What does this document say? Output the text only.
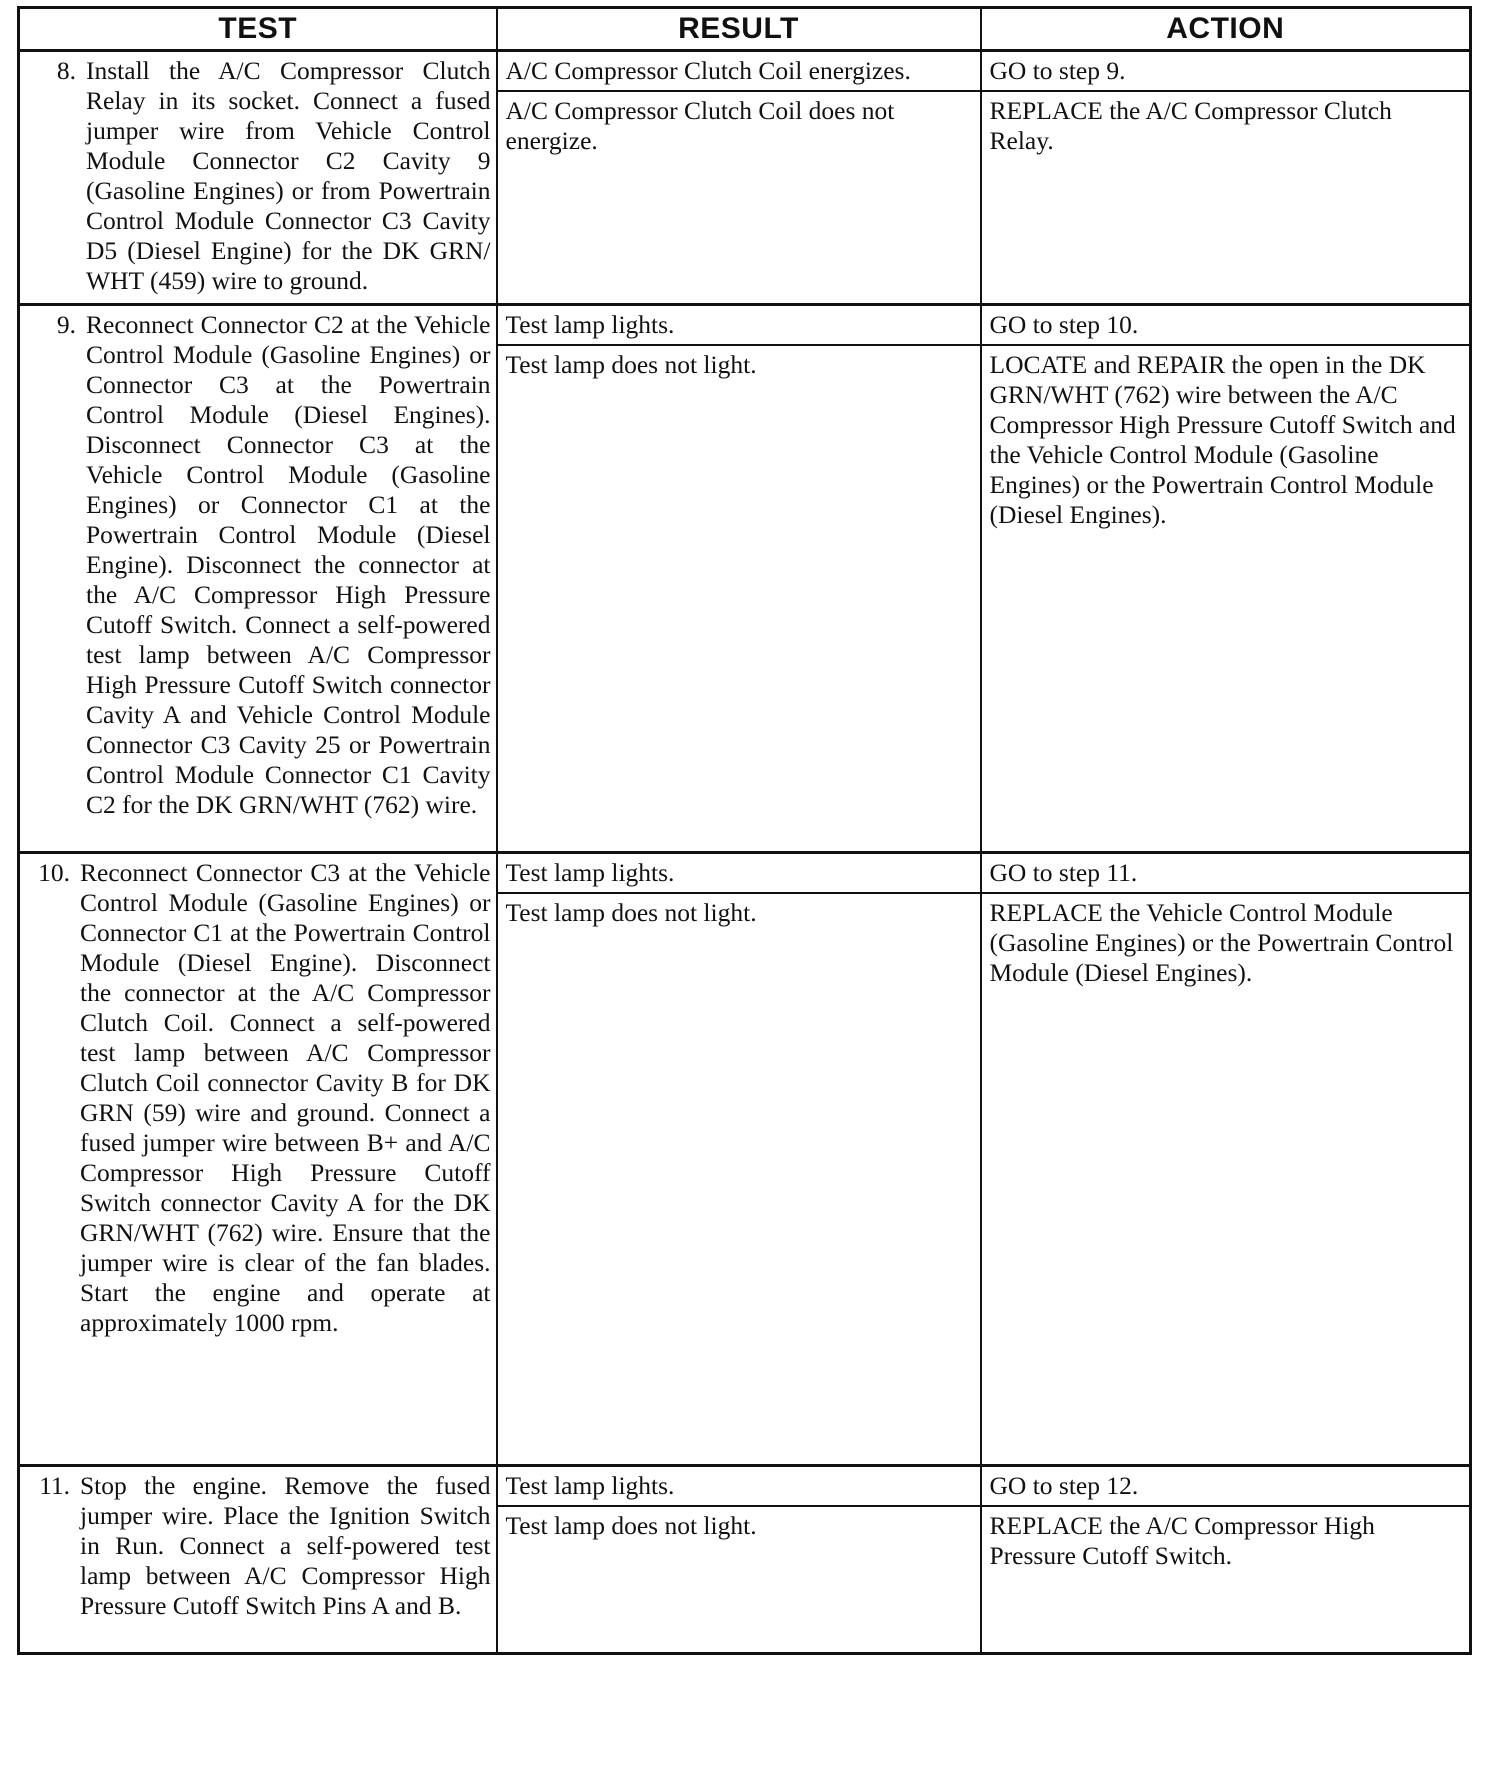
TEST	RESULT	ACTION

8. Install the A/C Compressor Clutch Relay in its socket. Connect a fused jumper wire from Vehicle Control Module Connector C2 Cavity 9 (Gasoline Engines) or from Powertrain Control Module Connector C3 Cavity D5 (Diesel Engine) for the DK GRN/ WHT (459) wire to ground.	A/C Compressor Clutch Coil energizes.	GO to step 9.
	A/C Compressor Clutch Coil does not energize.	REPLACE the A/C Compressor Clutch Relay.

9. Reconnect Connector C2 at the Vehicle Control Module (Gasoline Engines) or Connector C3 at the Powertrain Control Module (Diesel Engines). Disconnect Connector C3 at the Vehicle Control Module (Gasoline Engines) or Connector C1 at the Powertrain Control Module (Diesel Engine). Disconnect the connector at the A/C Compressor High Pressure Cutoff Switch. Connect a self-powered test lamp between A/C Compressor High Pressure Cutoff Switch connector Cavity A and Vehicle Control Module Connector C3 Cavity 25 or Powertrain Control Module Connector C1 Cavity C2 for the DK GRN/WHT (762) wire.	Test lamp lights.	GO to step 10.
	Test lamp does not light.	LOCATE and REPAIR the open in the DK GRN/WHT (762) wire between the A/C Compressor High Pressure Cutoff Switch and the Vehicle Control Module (Gasoline Engines) or the Powertrain Control Module (Diesel Engines).

10. Reconnect Connector C3 at the Vehicle Control Module (Gasoline Engines) or Connector C1 at the Powertrain Control Module (Diesel Engine). Disconnect the connector at the A/C Compressor Clutch Coil. Connect a self-powered test lamp between A/C Compressor Clutch Coil connector Cavity B for DK GRN (59) wire and ground. Connect a fused jumper wire between B+ and A/C Compressor High Pressure Cutoff Switch connector Cavity A for the DK GRN/WHT (762) wire. Ensure that the jumper wire is clear of the fan blades. Start the engine and operate at approximately 1000 rpm.	Test lamp lights.	GO to step 11.
	Test lamp does not light.	REPLACE the Vehicle Control Module (Gasoline Engines) or the Powertrain Control Module (Diesel Engines).

11. Stop the engine. Remove the fused jumper wire. Place the Ignition Switch in Run. Connect a self-powered test lamp between A/C Compressor High Pressure Cutoff Switch Pins A and B.	Test lamp lights.	GO to step 12.
	Test lamp does not light.	REPLACE the A/C Compressor High Pressure Cutoff Switch.
